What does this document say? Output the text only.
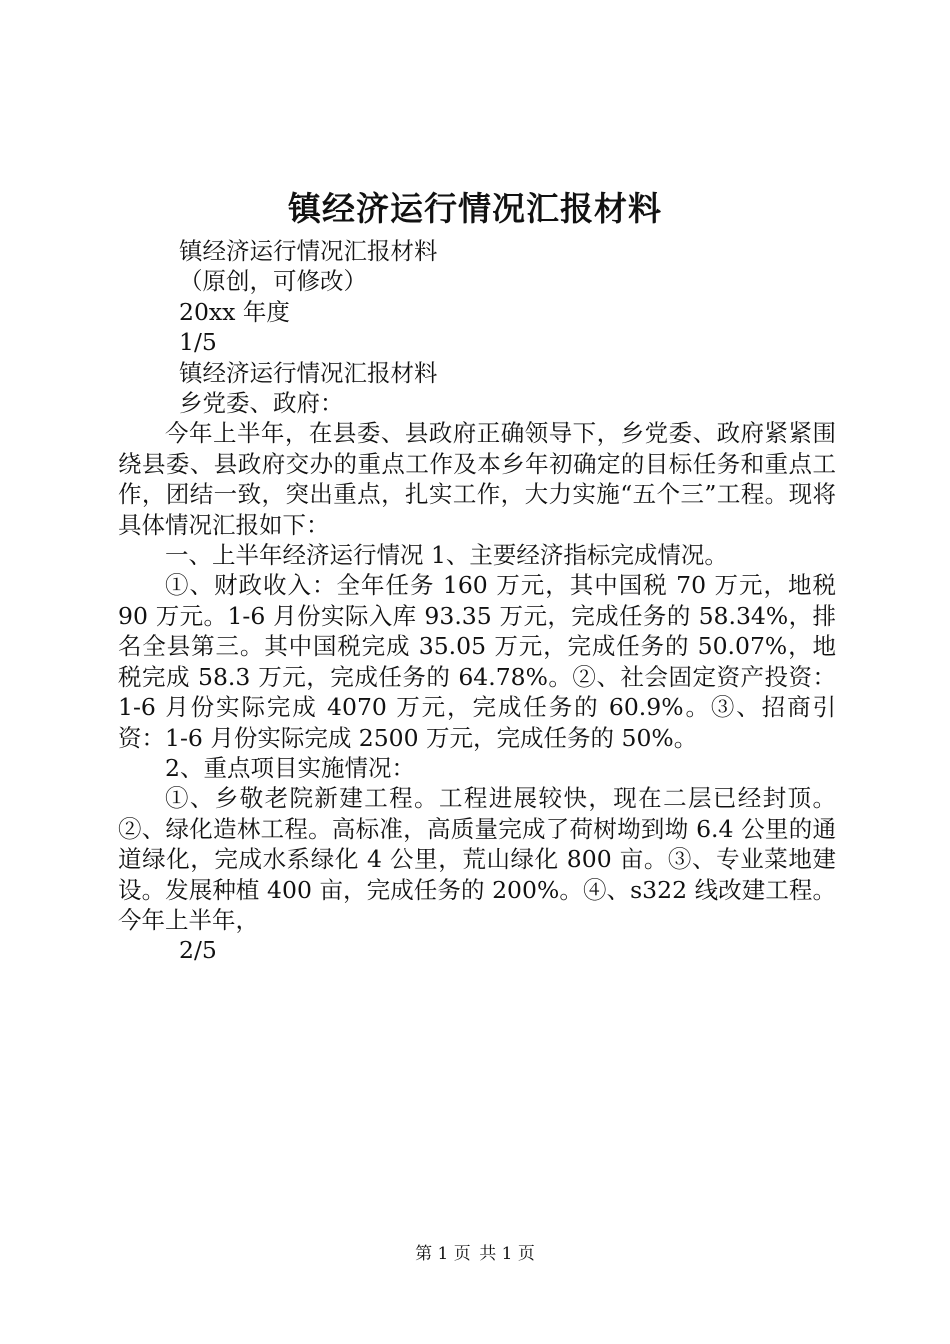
镇经济运行情况汇报材料

镇经济运行情况汇报材料

（原创，可修改）

20xx 年度

1/5

镇经济运行情况汇报材料

乡党委、政府：

今年上半年，在县委、县政府正确领导下，乡党委、政府紧紧围绕县委、县政府交办的重点工作及本乡年初确定的目标任务和重点工作，团结一致，突出重点，扎实工作，大力实施“五个三”工程。现将具体情况汇报如下：

一、上半年经济运行情况 1、主要经济指标完成情况。

①、财政收入：全年任务 160 万元，其中国税 70 万元，地税 90 万元。1-6 月份实际入库 93.35 万元，完成任务的 58.34%，排名全县第三。其中国税完成 35.05 万元，完成任务的 50.07%，地税完成 58.3 万元，完成任务的 64.78%。②、社会固定资产投资：1-6 月份实际完成 4070 万元，完成任务的 60.9%。③、招商引资：1-6 月份实际完成 2500 万元，完成任务的 50%。

2、重点项目实施情况：

①、乡敬老院新建工程。工程进展较快，现在二层已经封顶。②、绿化造林工程。高标准，高质量完成了荷树坳到坳 6.4 公里的通道绿化，完成水系绿化 4 公里，荒山绿化 800 亩。③、专业菜地建设。发展种植 400 亩，完成任务的 200%。④、s322 线改建工程。今年上半年，

2/5

第 1 页 共 1 页
